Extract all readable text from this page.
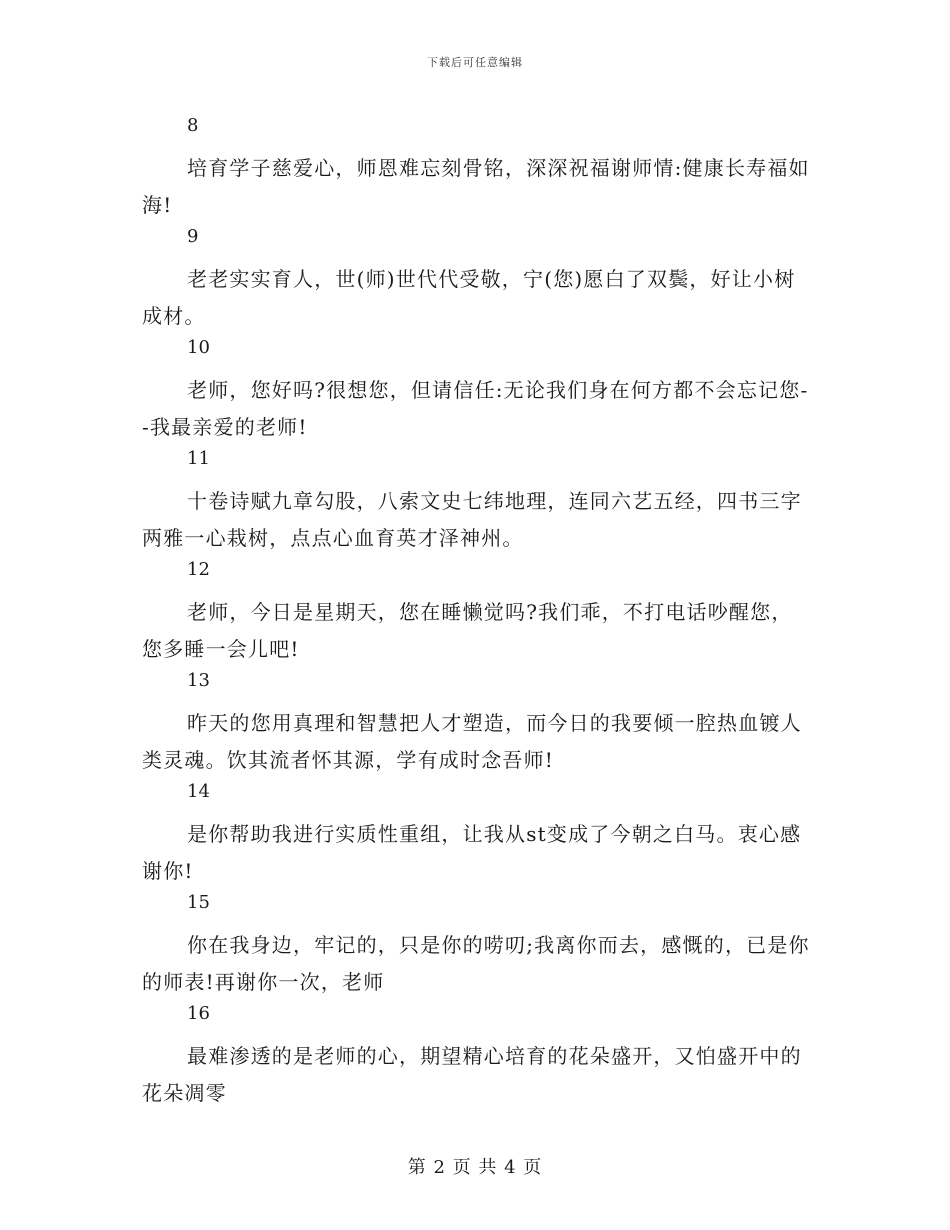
下载后可任意编辑
8

培育学子慈爱心，师恩难忘刻骨铭，深深祝福谢师情:健康长寿福如海!

9

老老实实育人，世(师)世代代受敬，宁(您)愿白了双鬓，好让小树成材。

10

老师，您好吗?很想您，但请信任:无论我们身在何方都不会忘记您--我最亲爱的老师!

11

十卷诗赋九章勾股，八索文史七纬地理，连同六艺五经，四书三字两雅一心栽树，点点心血育英才泽神州。

12

老师，今日是星期天，您在睡懒觉吗?我们乖，不打电话吵醒您，您多睡一会儿吧!

13

昨天的您用真理和智慧把人才塑造，而今日的我要倾一腔热血镀人类灵魂。饮其流者怀其源，学有成时念吾师!

14

是你帮助我进行实质性重组，让我从st变成了今朝之白马。衷心感谢你!

15

你在我身边，牢记的，只是你的唠叨;我离你而去，感慨的，已是你的师表!再谢你一次，老师

16

最难渗透的是老师的心，期望精心培育的花朵盛开，又怕盛开中的花朵凋零

第 2 页 共 4 页
